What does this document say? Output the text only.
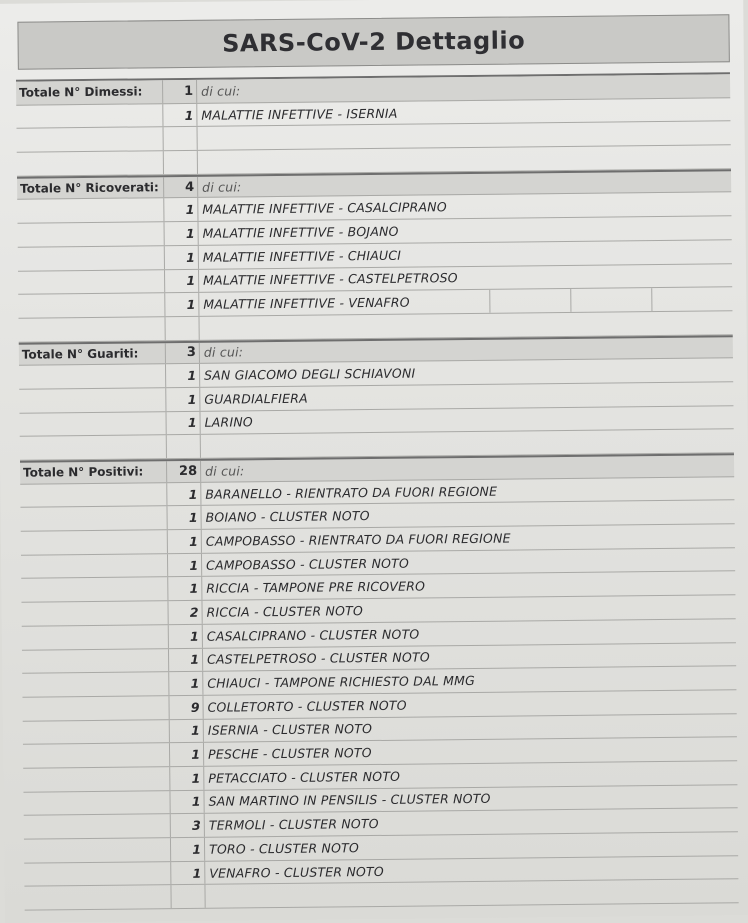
SARS-CoV-2 Dettaglio
Totale N° Dimessi:	1 di cui:
1 MALATTIE INFETTIVE - ISERNIA
Totale N° Ricoverati:	4 di cui:
1 MALATTIE INFETTIVE - CASALCIPRANO
1 MALATTIE INFETTIVE - BOJANO
1 MALATTIE INFETTIVE - CHIAUCI
1 MALATTIE INFETTIVE - CASTELPETROSO
1 MALATTIE INFETTIVE - VENAFRO
Totale N° Guariti:	3 di cui:
1 SAN GIACOMO DEGLI SCHIAVONI
1 GUARDIALFIERA
1 LARINO
Totale N° Positivi:	28 di cui:
1 BARANELLO - RIENTRATO DA FUORI REGIONE
1 BOIANO - CLUSTER NOTO
1 CAMPOBASSO - RIENTRATO DA FUORI REGIONE
1 CAMPOBASSO - CLUSTER NOTO
1 RICCIA - TAMPONE PRE RICOVERO
2 RICCIA - CLUSTER NOTO
1 CASALCIPRANO - CLUSTER NOTO
1 CASTELPETROSO - CLUSTER NOTO
1 CHIAUCI - TAMPONE RICHIESTO DAL MMG
9 COLLETORTO - CLUSTER NOTO
1 ISERNIA - CLUSTER NOTO
1 PESCHE - CLUSTER NOTO
1 PETACCIATO - CLUSTER NOTO
1 SAN MARTINO IN PENSILIS - CLUSTER NOTO
3 TERMOLI - CLUSTER NOTO
1 TORO - CLUSTER NOTO
1 VENAFRO - CLUSTER NOTO
